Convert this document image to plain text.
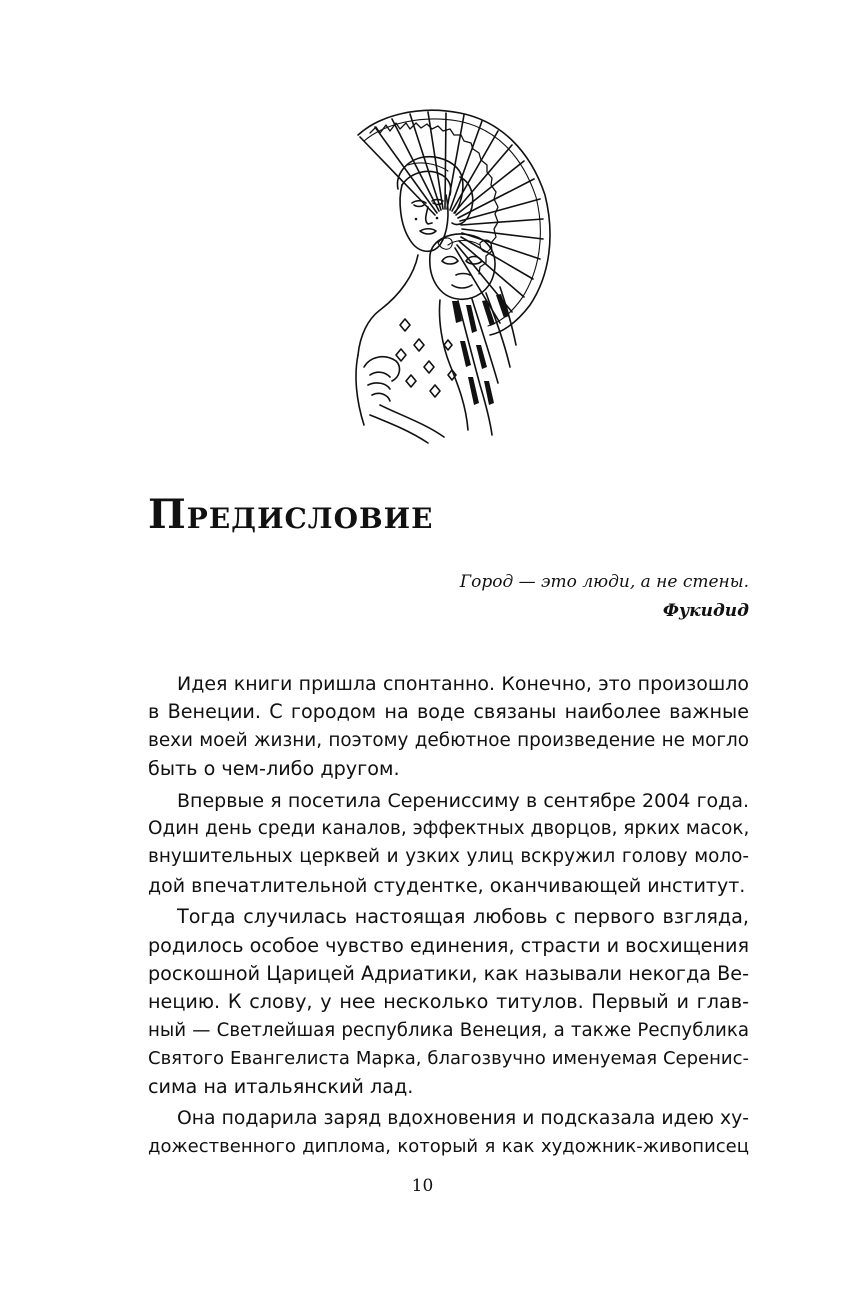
Предисловие
Город — это люди, а не стены.
Фукидид
Идея книги пришла спонтанно. Конечно, это произошло
в Венеции. С городом на воде связаны наиболее важные
вехи моей жизни, поэтому дебютное произведение не могло
быть о чем-либо другом.
Впервые я посетила Серениссиму в сентябре 2004 года.
Один день среди каналов, эффектных дворцов, ярких масок,
внушительных церквей и узких улиц вскружил голову моло-
дой впечатлительной студентке, оканчивающей институт.
Тогда случилась настоящая любовь с первого взгляда,
родилось особое чувство единения, страсти и восхищения
роскошной Царицей Адриатики, как называли некогда Ве-
нецию. К слову, у нее несколько титулов. Первый и глав-
ный — Светлейшая республика Венеция, а также Республика
Святого Евангелиста Марка, благозвучно именуемая Серенис-
сима на итальянский лад.
Она подарила заряд вдохновения и подсказала идею ху-
дожественного диплома, который я как художник-живописец
10
